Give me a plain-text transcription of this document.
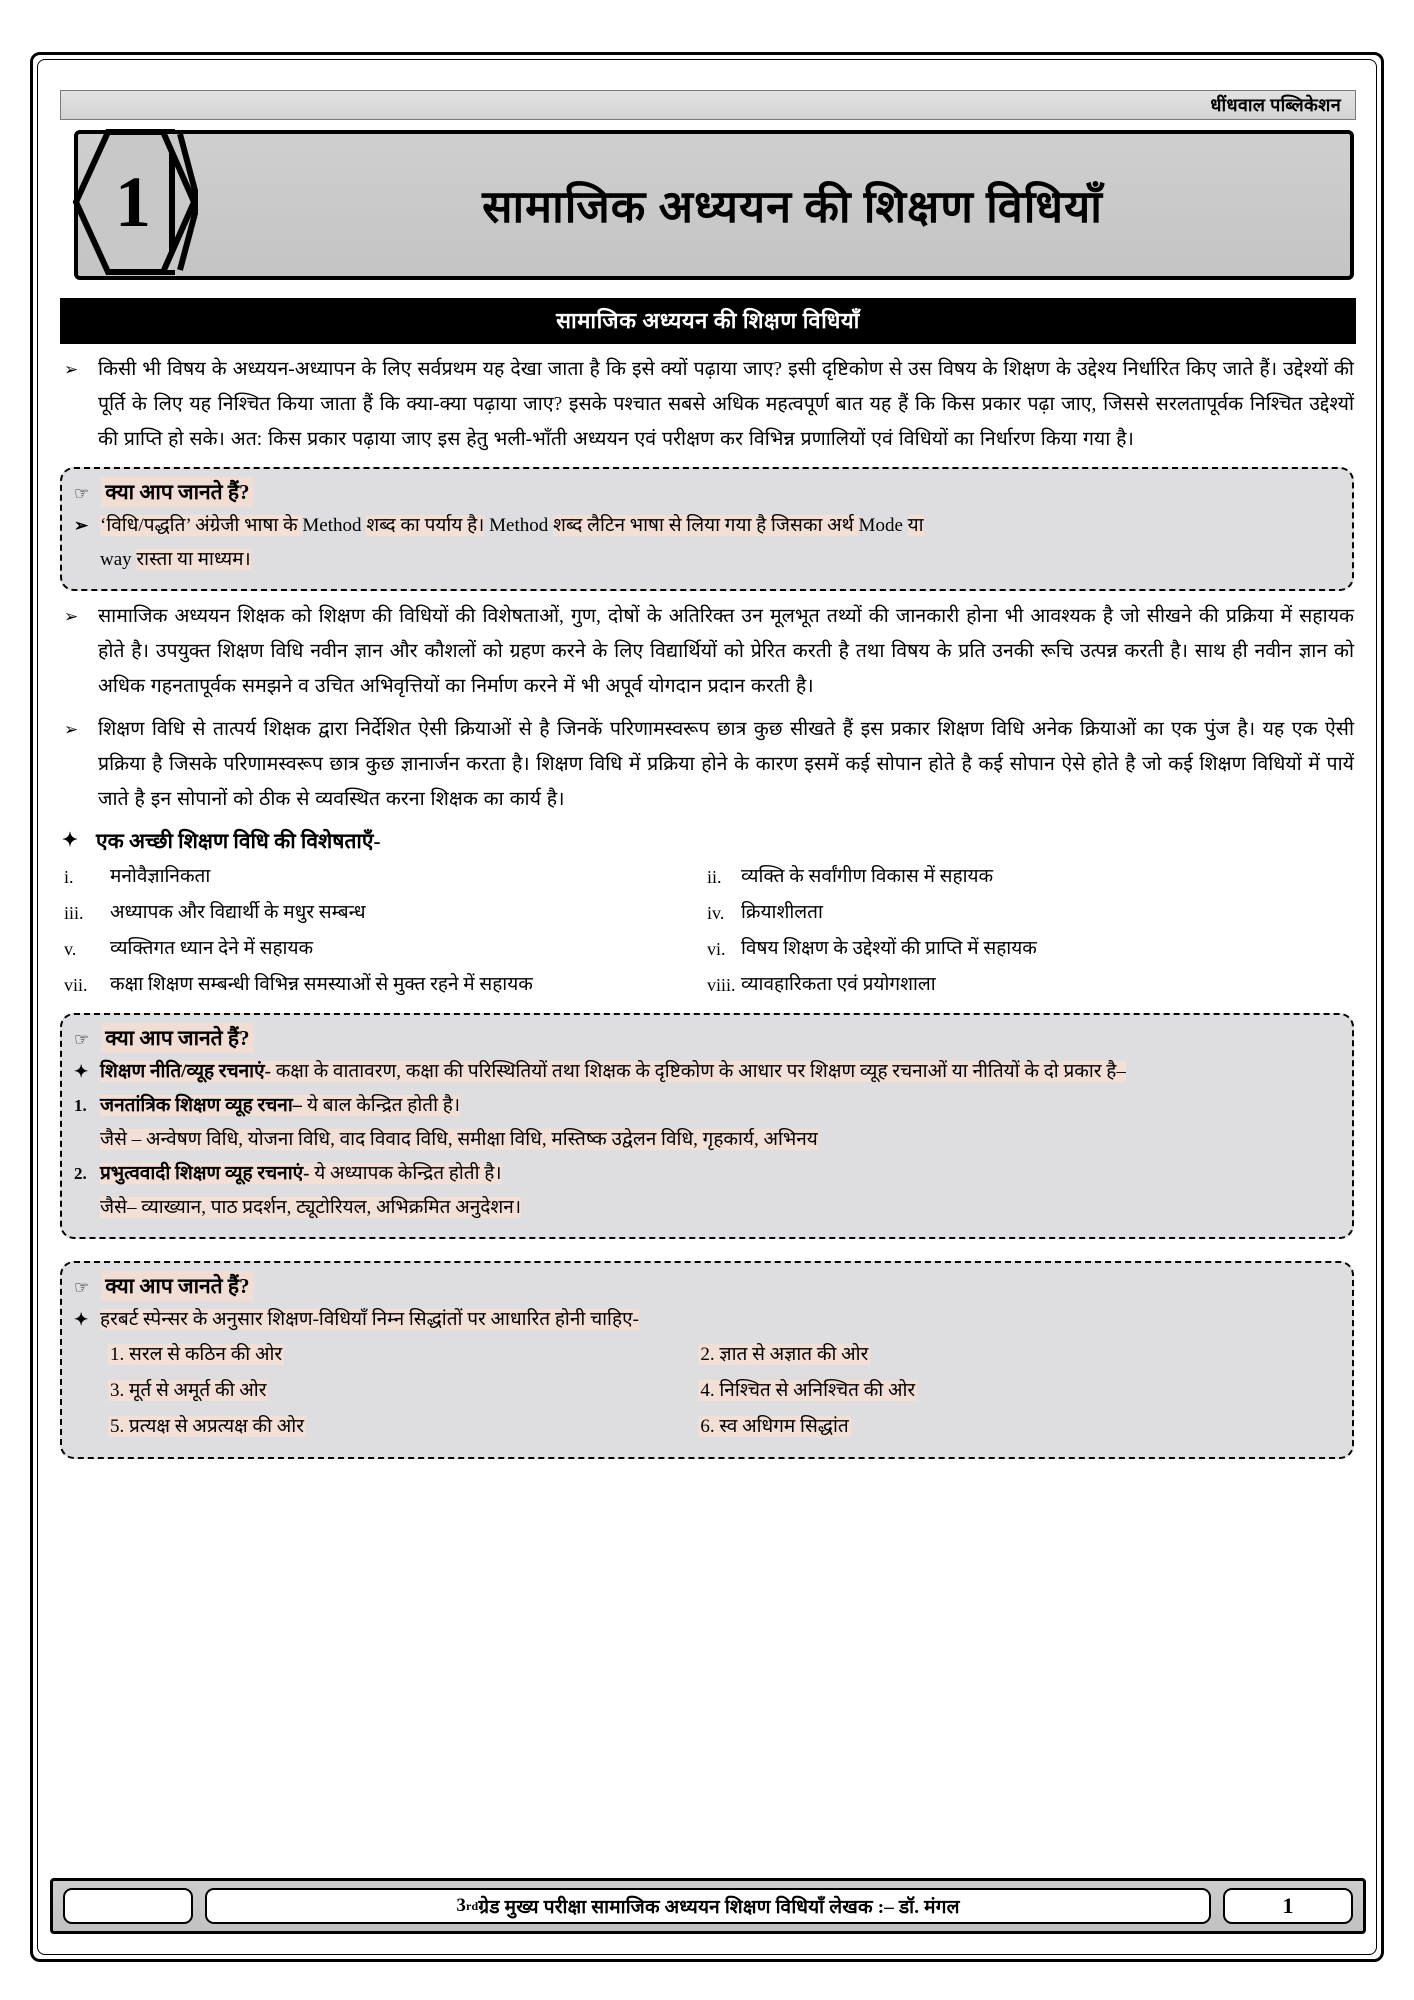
धींधवाल पब्लिकेशन
1	सामाजिक अध्ययन की शिक्षण विधियाँ
सामाजिक अध्ययन की शिक्षण विधियाँ
➢	किसी भी विषय के अध्ययन-अध्यापन के लिए सर्वप्रथम यह देखा जाता है कि इसे क्यों पढ़ाया जाए? इसी दृष्टिकोण से उस विषय के शिक्षण के उद्देश्य निर्धारित किए जाते हैं। उद्देश्यों की पूर्ति के लिए यह निश्चित किया जाता हैं कि क्या-क्या पढ़ाया जाए? इसके पश्चात सबसे अधिक महत्वपूर्ण बात यह हैं कि किस प्रकार पढ़ा जाए, जिससे सरलतापूर्वक निश्चित उद्देश्यों की प्राप्ति हो सके। अत: किस प्रकार पढ़ाया जाए इस हेतु भली-भाँती अध्ययन एवं परीक्षण कर विभिन्न प्रणालियों एवं विधियों का निर्धारण किया गया है।
☞ क्या आप जानते हैं?
➢ ‘विधि/पद्धति’ अंग्रेजी भाषा के Method शब्द का पर्याय है। Method शब्द लैटिन भाषा से लिया गया है जिसका अर्थ Mode या
way रास्ता या माध्यम।
➢	सामाजिक अध्ययन शिक्षक को शिक्षण की विधियों की विशेषताओं, गुण, दोषों के अतिरिक्त उन मूलभूत तथ्यों की जानकारी होना भी आवश्यक है जो सीखने की प्रक्रिया में सहायक होते है। उपयुक्त शिक्षण विधि नवीन ज्ञान और कौशलों को ग्रहण करने के लिए विद्यार्थियों को प्रेरित करती है तथा विषय के प्रति उनकी रूचि उत्पन्न करती है। साथ ही नवीन ज्ञान को अधिक गहनतापूर्वक समझने व उचित अभिवृत्तियों का निर्माण करने में भी अपूर्व योगदान प्रदान करती है।
➢	शिक्षण विधि से तात्पर्य शिक्षक द्वारा निर्देशित ऐसी क्रियाओं से है जिनकें परिणामस्वरूप छात्र कुछ सीखते हैं इस प्रकार शिक्षण विधि अनेक क्रियाओं का एक पुंज है। यह एक ऐसी प्रक्रिया है जिसके परिणामस्वरूप छात्र कुछ ज्ञानार्जन करता है। शिक्षण विधि में प्रक्रिया होने के कारण इसमें कई सोपान होते है कई सोपान ऐसे होते है जो कई शिक्षण विधियों में पायें जाते है इन सोपानों को ठीक से व्यवस्थित करना शिक्षक का कार्य है।
✦ एक अच्छी शिक्षण विधि की विशेषताएँ-
i.	मनोवैज्ञानिकता	ii.	व्यक्ति के सर्वांगीण विकास में सहायक
iii.	अध्यापक और विद्यार्थी के मधुर सम्बन्ध	iv. क्रियाशीलता
v.	व्यक्तिगत ध्यान देने में सहायक	vi. विषय शिक्षण के उद्देश्यों की प्राप्ति में सहायक
vii.	कक्षा शिक्षण सम्बन्धी विभिन्न समस्याओं से मुक्त रहने में सहायक	viii. व्यावहारिकता एवं प्रयोगशाला
☞ क्या आप जानते हैं?
✦ शिक्षण नीति/व्यूह रचनाएं- कक्षा के वातावरण, कक्षा की परिस्थितियों तथा शिक्षक के दृष्टिकोण के आधार पर शिक्षण व्यूह रचनाओं या नीतियों के दो प्रकार है–
1. जनतांत्रिक शिक्षण व्यूह रचना– ये बाल केन्द्रित होती है।
जैसे – अन्वेषण विधि, योजना विधि, वाद विवाद विधि, समीक्षा विधि, मस्तिष्क उद्वेलन विधि, गृहकार्य, अभिनय
2. प्रभुत्ववादी शिक्षण व्यूह रचनाएं- ये अध्यापक केन्द्रित होती है।
जैसे– व्याख्यान, पाठ प्रदर्शन, ट्यूटोरियल, अभिक्रमित अनुदेशन।
☞ क्या आप जानते हैं?
✦ हरबर्ट स्पेन्सर के अनुसार शिक्षण-विधियाँ निम्न सिद्धांतों पर आधारित होनी चाहिए-
1. सरल से कठिन की ओर	2. ज्ञात से अज्ञात की ओर
3. मूर्त से अमूर्त की ओर	4. निश्चित से अनिश्चित की ओर
5. प्रत्यक्ष से अप्रत्यक्ष की ओर	6. स्व अधिगम सिद्धांत
3 rd ग्रेड मुख्य परीक्षा सामाजिक अध्ययन शिक्षण विधियाँ लेखक :– डॉ. मंगल	1
